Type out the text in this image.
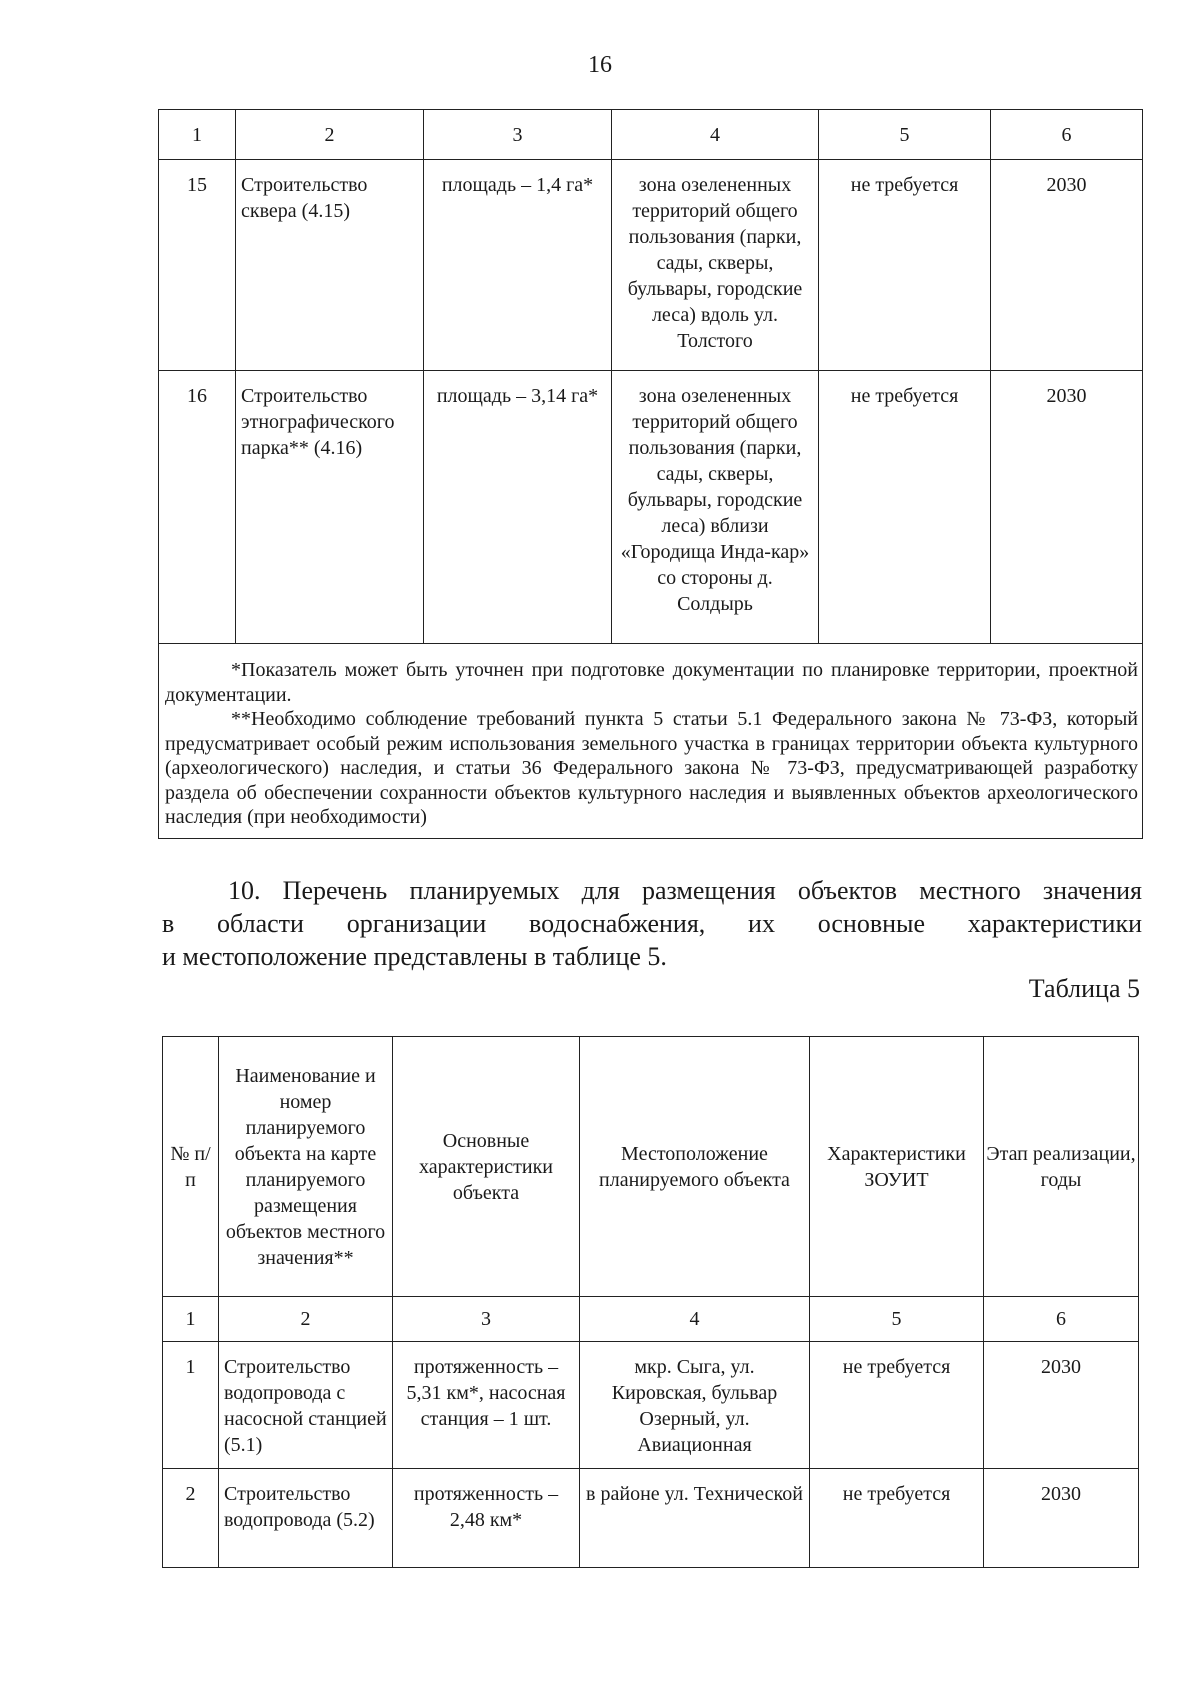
16
1	2	3	4	5	6
15	Строительство сквера (4.15)	площадь – 1,4 га*	зона озелененных территорий общего пользования (парки, сады, скверы, бульвары, городские леса) вдоль ул. Толстого	не требуется	2030
16	Строительство этнографического парка** (4.16)	площадь – 3,14 га*	зона озелененных территорий общего пользования (парки, сады, скверы, бульвары, городские леса) вблизи «Городища Инда-кар» со стороны д. Солдырь	не требуется	2030

*Показатель может быть уточнен при подготовке документации по планировке территории, проектной документации.

**Необходимо соблюдение требований пункта 5 статьи 5.1 Федерального закона № 73-ФЗ, который предусматривает особый режим использования земельного участка в границах территории объекта культурного (археологического) наследия, и статьи 36 Федерального закона № 73-ФЗ, предусматривающей разработку раздела об обеспечении сохранности объектов культурного наследия и выявленных объектов археологического наследия (при необходимости)					

10. Перечень планируемых для размещения объектов местного значения

в области организации водоснабжения, их основные характеристики

и местоположение представлены в таблице 5.

Таблица 5
№ п/п	Наименование и номер планируемого объекта на карте планируемого размещения объектов местного значения**	Основные характеристики объекта	Местоположение планируемого объекта	Характеристики ЗОУИТ	Этап реализации, годы
1	2	3	4	5	6
1	Строительство водопровода с насосной станцией (5.1)	протяженность – 5,31 км*, насосная станция – 1 шт.	мкр. Сыга, ул. Кировская, бульвар Озерный, ул. Авиационная	не требуется	2030
2	Строительство водопровода (5.2)	протяженность – 2,48 км*	в районе ул. Технической	не требуется	2030
